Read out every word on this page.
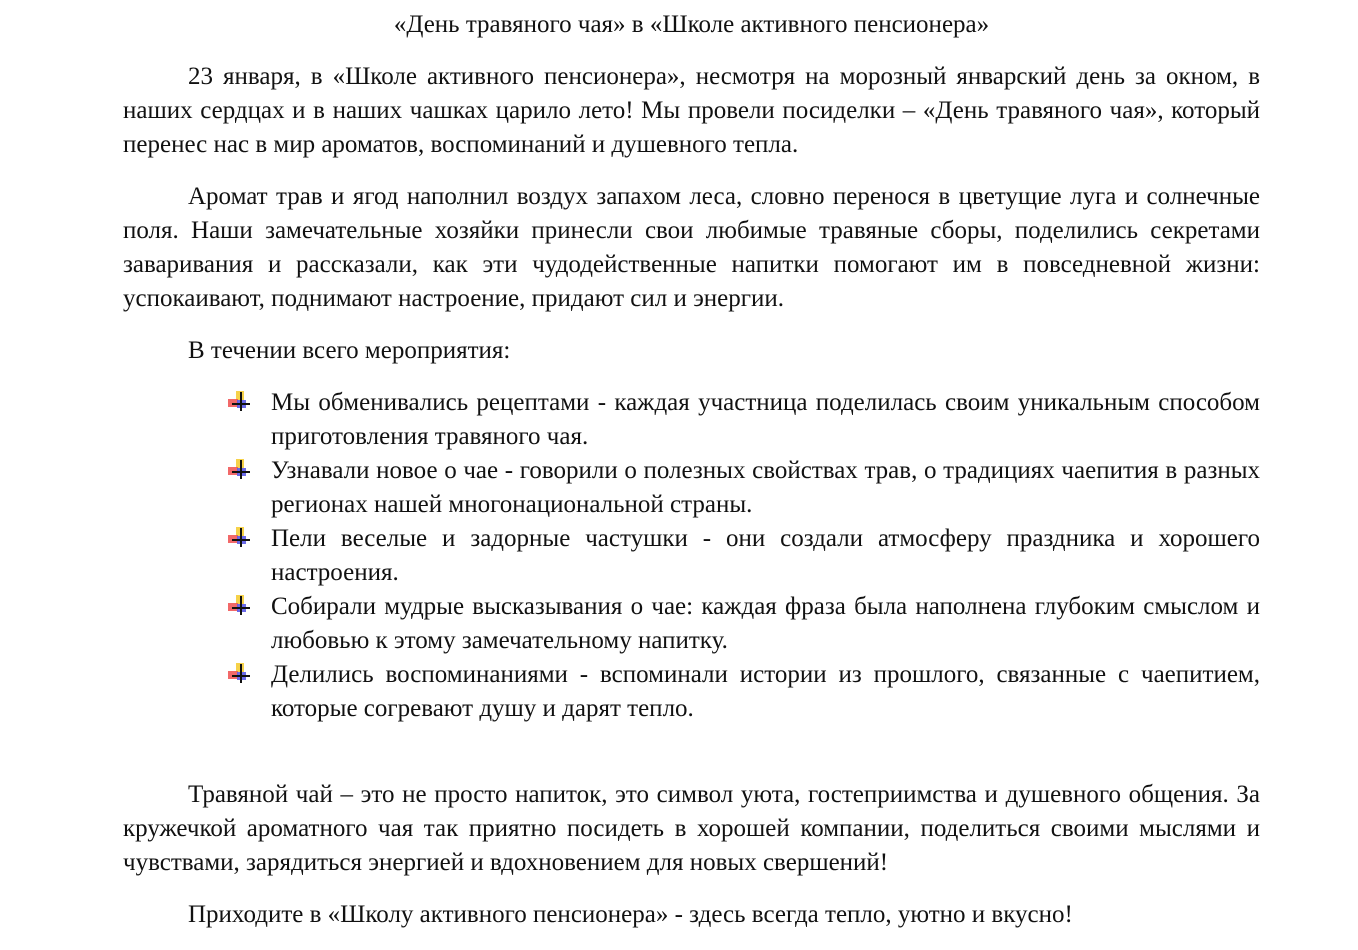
«День травяного чая» в «Школе активного пенсионера»

23 января, в «Школе активного пенсионера», несмотря на морозный январский день за окном, в наших сердцах и в наших чашках царило лето! Мы провели посиделки – «День травяного чая», который перенес нас в мир ароматов, воспоминаний и душевного тепла.

Аромат трав и ягод наполнил воздух запахом леса, словно перенося в цветущие луга и солнечные поля. Наши замечательные хозяйки принесли свои любимые травяные сборы, поделились секретами заваривания и рассказали, как эти чудодейственные напитки помогают им в повседневной жизни: успокаивают, поднимают настроение, придают сил и энергии.

В течении всего мероприятия:

Мы обменивались рецептами - каждая участница поделилась своим уникальным способом приготовления травяного чая.
Узнавали новое о чае - говорили о полезных свойствах трав, о традициях чаепития в разных регионах нашей многонациональной страны.
Пели веселые и задорные частушки - они создали атмосферу праздника и хорошего настроения.
Собирали мудрые высказывания о чае: каждая фраза была наполнена глубоким смыслом и любовью к этому замечательному напитку.
Делились воспоминаниями - вспоминали истории из прошлого, связанные с чаепитием, которые согревают душу и дарят тепло.

Травяной чай – это не просто напиток, это символ уюта, гостеприимства и душевного общения. За кружечкой ароматного чая так приятно посидеть в хорошей компании, поделиться своими мыслями и чувствами, зарядиться энергией и вдохновением для новых свершений!

Приходите в «Школу активного пенсионера» - здесь всегда тепло, уютно и вкусно!
